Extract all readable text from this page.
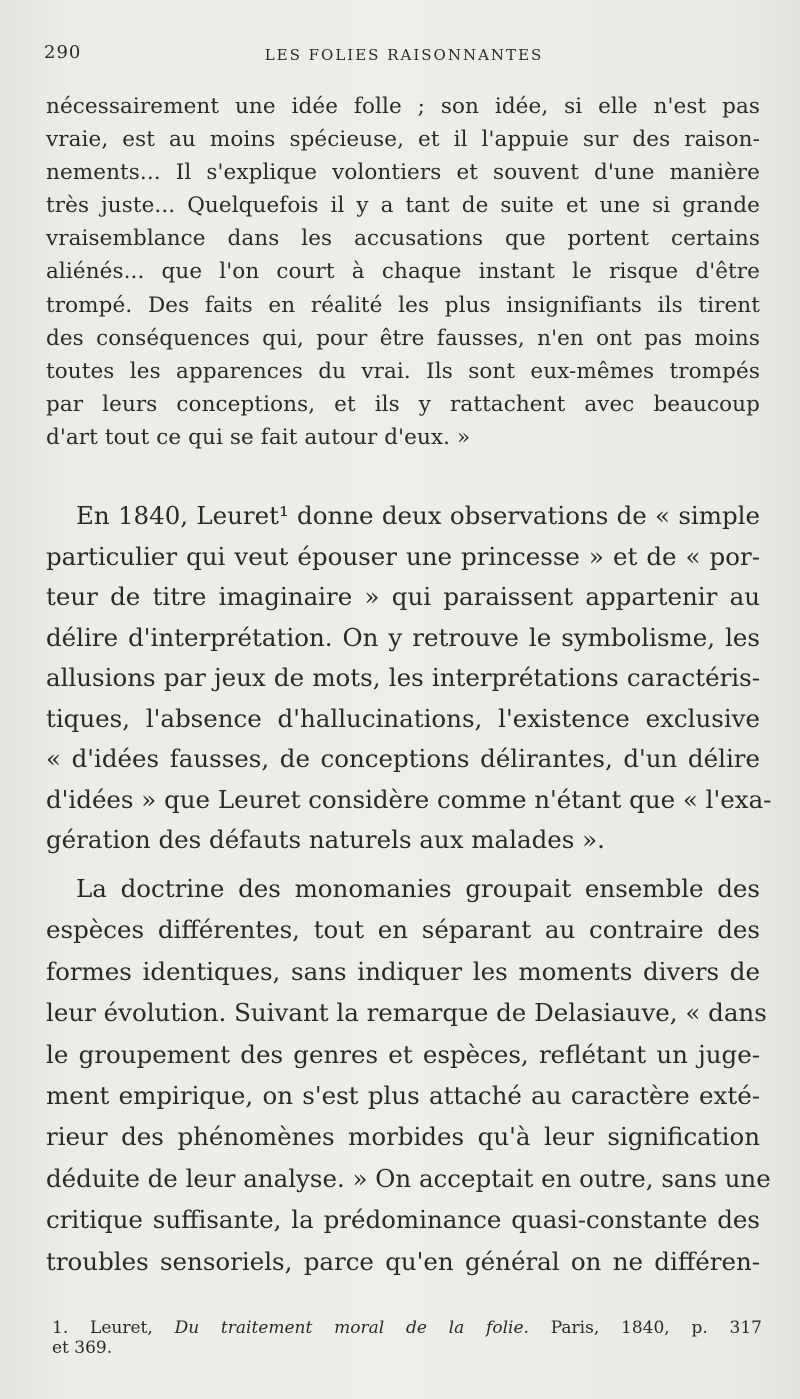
290	LES FOLIES RAISONNANTES
nécessairement une idée folle ; son idée, si elle n'est pas
vraie, est au moins spécieuse, et il l'appuie sur des raison-
nements... Il s'explique volontiers et souvent d'une manière
très juste... Quelquefois il y a tant de suite et une si grande
vraisemblance dans les accusations que portent certains
aliénés... que l'on court à chaque instant le risque d'être
trompé. Des faits en réalité les plus insignifiants ils tirent
des conséquences qui, pour être fausses, n'en ont pas moins
toutes les apparences du vrai. Ils sont eux-mêmes trompés
par leurs conceptions, et ils y rattachent avec beaucoup
d'art tout ce qui se fait autour d'eux. »
En 1840, Leuret¹ donne deux observations de « simple
particulier qui veut épouser une princesse » et de « por-
teur de titre imaginaire » qui paraissent appartenir au
délire d'interprétation. On y retrouve le symbolisme, les
allusions par jeux de mots, les interprétations caractéris-
tiques, l'absence d'hallucinations, l'existence exclusive
« d'idées fausses, de conceptions délirantes, d'un délire
d'idées » que Leuret considère comme n'étant que « l'exa-
gération des défauts naturels aux malades ».
La doctrine des monomanies groupait ensemble des
espèces différentes, tout en séparant au contraire des
formes identiques, sans indiquer les moments divers de
leur évolution. Suivant la remarque de Delasiauve, « dans
le groupement des genres et espèces, reflétant un juge-
ment empirique, on s'est plus attaché au caractère exté-
rieur des phénomènes morbides qu'à leur signification
déduite de leur analyse. » On acceptait en outre, sans une
critique suffisante, la prédominance quasi-constante des
troubles sensoriels, parce qu'en général on ne différen-
1. Leuret, Du traitement moral de la folie. Paris, 1840, p. 317
et 369.
